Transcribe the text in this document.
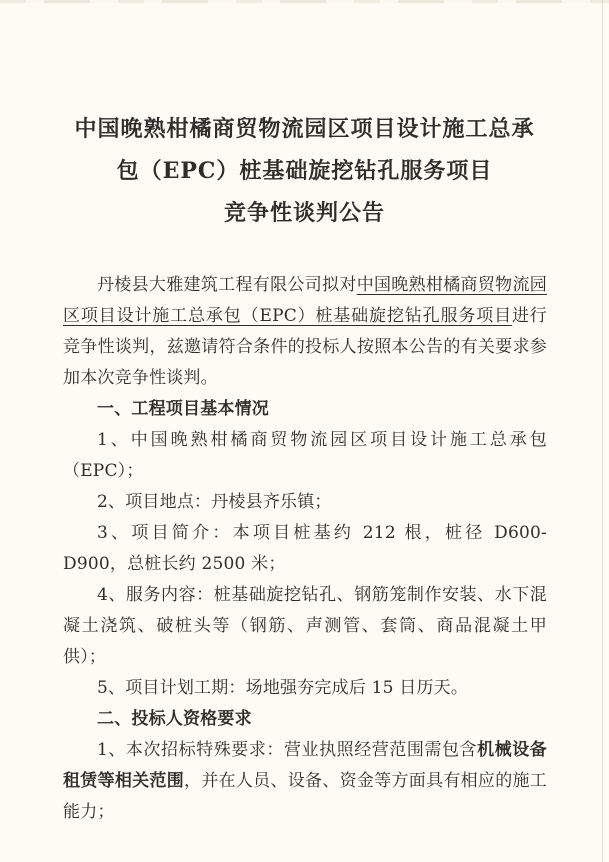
中国晚熟柑橘商贸物流园区项目设计施工总承
包（EPC）桩基础旋挖钻孔服务项目
竞争性谈判公告

丹棱县大雅建筑工程有限公司拟对中国晚熟柑橘商贸物流园区项目设计施工总承包（EPC）桩基础旋挖钻孔服务项目进行竞争性谈判，兹邀请符合条件的投标人按照本公告的有关要求参加本次竞争性谈判。

一、工程项目基本情况

1、中国晚熟柑橘商贸物流园区项目设计施工总承包（EPC）；

2、项目地点：丹棱县齐乐镇；

3、项目简介：本项目桩基约 212 根，桩径 D600-D900，总桩长约 2500 米；

4、服务内容：桩基础旋挖钻孔、钢筋笼制作安装、水下混凝土浇筑、破桩头等（钢筋、声测管、套筒、商品混凝土甲供）；

5、项目计划工期：场地强夯完成后 15 日历天。

二、投标人资格要求

1、本次招标特殊要求：营业执照经营范围需包含机械设备租赁等相关范围，并在人员、设备、资金等方面具有相应的施工能力；
